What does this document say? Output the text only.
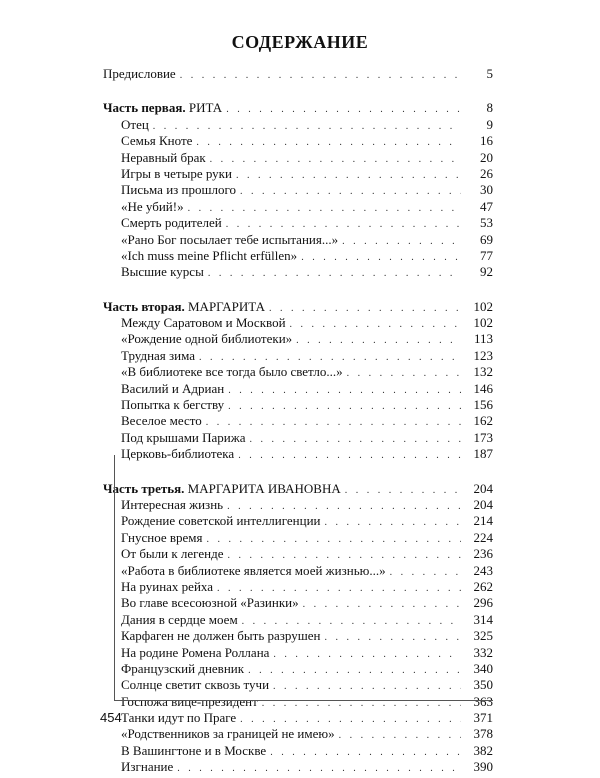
СОДЕРЖАНИЕ
Предисловие . . .	5
Часть первая. РИТА . . .	8
Отец . . .	9
Семья Кноте . . .	16
Неравный брак . . .	20
Игры в четыре руки . . .	26
Письма из прошлого . . .	30
«Не убий!» . . .	47
Смерть родителей . . .	53
«Рано Бог посылает тебе испытания...» . . .	69
«Ich muss meine Pflicht erfüllen» . . .	77
Высшие курсы . . .	92
Часть вторая. МАРГАРИТА . . .	102
Между Саратовом и Москвой . . .	102
«Рождение одной библиотеки» . . .	113
Трудная зима . . .	123
«В библиотеке все тогда было светло...» . . .	132
Василий и Адриан . . .	146
Попытка к бегству . . .	156
Веселое место . . .	162
Под крышами Парижа . . .	173
Церковь-библиотека . . .	187
Часть третья. МАРГАРИТА ИВАНОВНА . . .	204
Интересная жизнь . . .	204
Рождение советской интеллигенции . . .	214
Гнусное время . . .	224
От были к легенде . . .	236
«Работа в библиотеке является моей жизнью...» . . .	243
На руинах рейха . . .	262
Во главе всесоюзной «Разинки» . . .	296
Дания в сердце моем . . .	314
Карфаген не должен быть разрушен . . .	325
На родине Ромена Роллана . . .	332
Французский дневник . . .	340
Солнце светит сквозь тучи . . .	350
Госпожа вице-президент . . .	363
Танки идут по Праге . . .	371
«Родственников за границей не имею» . . .	378
В Вашингтоне и в Москве . . .	382
Изгнание . . .	390
454
